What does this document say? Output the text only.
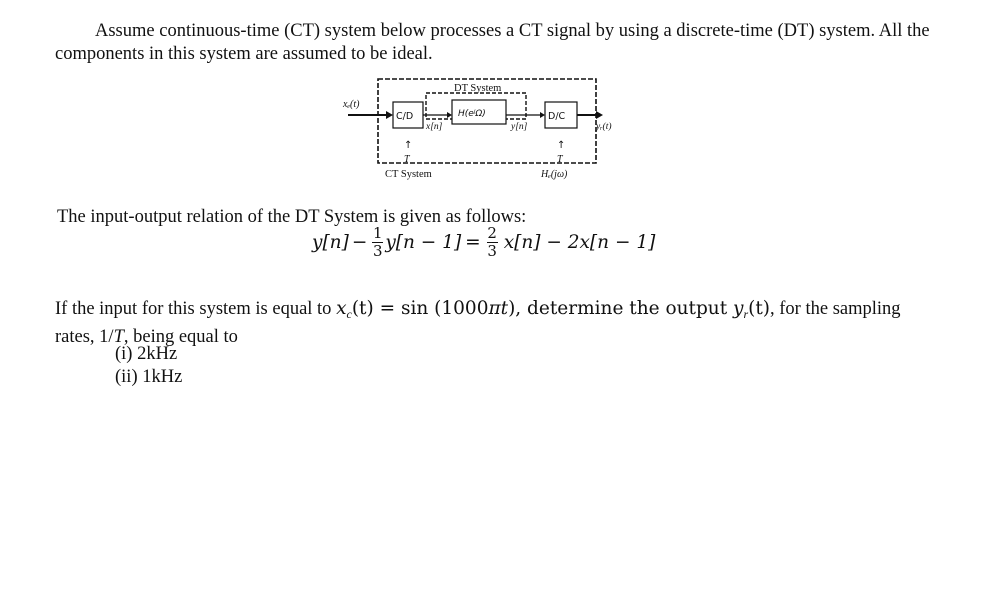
Assume continuous-time (CT) system below processes a CT signal by using a discrete-time (DT) system. All the components in this system are assumed to be ideal.

DT System
xₑ(t)
C/D
x[n]
H(eʲΩ)
y[n]
D/C
yᵣ(t)
↑
T
↑
T
CT System	Hₑ(jω)

The input-output relation of the DT System is given as follows:

$y[n] - \frac{1}{3} y[n - 1] = \frac{2}{3} x[n] - 2x[n - 1]$

If the input for this system is equal to $x_c(t) = \sin (1000\pi t)$, determine the output $y_r(t)$, for the sampling rates, 1/T, being equal to

(i) 2kHz
(ii) 1kHz
